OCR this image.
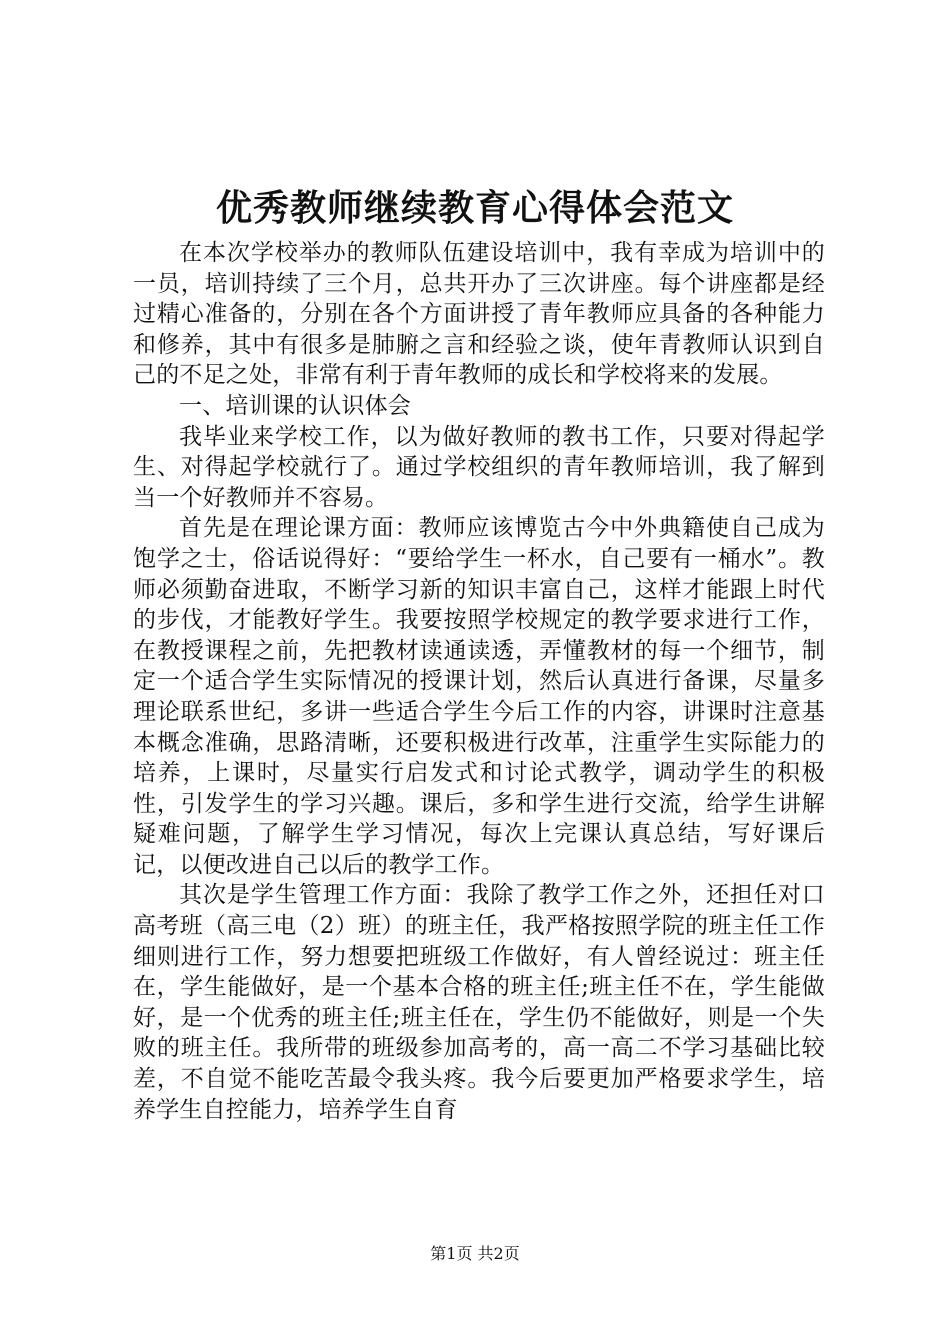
优秀教师继续教育心得体会范文

在本次学校举办的教师队伍建设培训中，我有幸成为培训中的一员，培训持续了三个月，总共开办了三次讲座。每个讲座都是经过精心准备的，分别在各个方面讲授了青年教师应具备的各种能力和修养，其中有很多是肺腑之言和经验之谈，使年青教师认识到自己的不足之处，非常有利于青年教师的成长和学校将来的发展。

一、培训课的认识体会

我毕业来学校工作，以为做好教师的教书工作，只要对得起学生、对得起学校就行了。通过学校组织的青年教师培训，我了解到当一个好教师并不容易。

首先是在理论课方面：教师应该博览古今中外典籍使自己成为饱学之士，俗话说得好：“要给学生一杯水，自己要有一桶水”。教师必须勤奋进取，不断学习新的知识丰富自己，这样才能跟上时代的步伐，才能教好学生。我要按照学校规定的教学要求进行工作，在教授课程之前，先把教材读通读透，弄懂教材的每一个细节，制定一个适合学生实际情况的授课计划，然后认真进行备课，尽量多理论联系世纪，多讲一些适合学生今后工作的内容，讲课时注意基本概念准确，思路清晰，还要积极进行改革，注重学生实际能力的培养，上课时，尽量实行启发式和讨论式教学，调动学生的积极性，引发学生的学习兴趣。课后，多和学生进行交流，给学生讲解疑难问题，了解学生学习情况，每次上完课认真总结，写好课后记，以便改进自己以后的教学工作。

其次是学生管理工作方面：我除了教学工作之外，还担任对口高考班（高三电（2）班）的班主任，我严格按照学院的班主任工作细则进行工作，努力想要把班级工作做好，有人曾经说过：班主任在，学生能做好，是一个基本合格的班主任;班主任不在，学生能做好，是一个优秀的班主任;班主任在，学生仍不能做好，则是一个失败的班主任。我所带的班级参加高考的，高一高二不学习基础比较差，不自觉不能吃苦最令我头疼。我今后要更加严格要求学生，培养学生自控能力，培养学生自育

第1页 共2页
